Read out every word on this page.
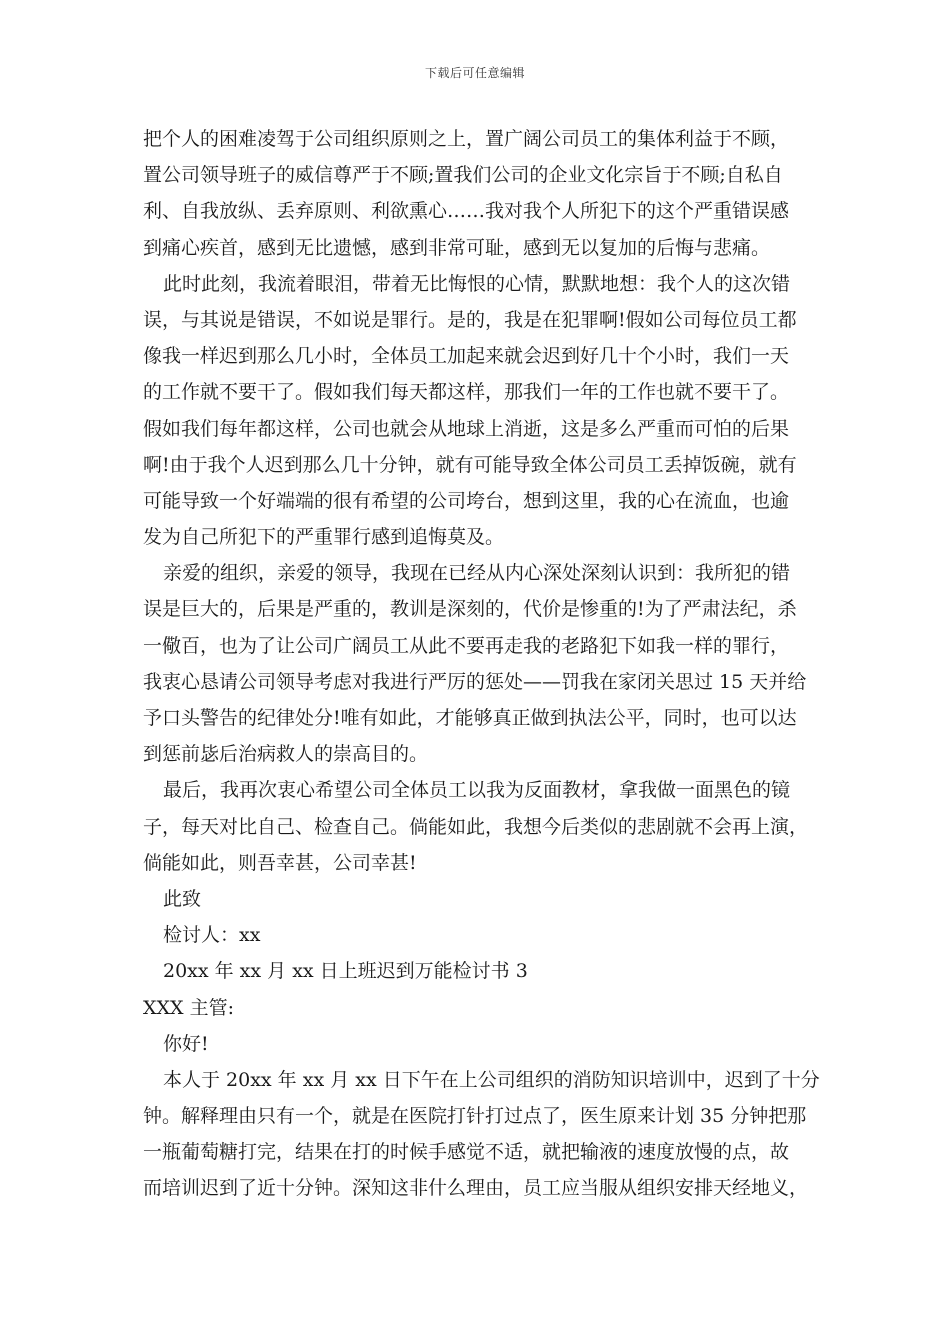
下载后可任意编辑
把个人的困难凌驾于公司组织原则之上，置广阔公司员工的集体利益于不顾，
置公司领导班子的威信尊严于不顾;置我们公司的企业文化宗旨于不顾;自私自
利、自我放纵、丢弃原则、利欲熏心……我对我个人所犯下的这个严重错误感
到痛心疾首，感到无比遗憾，感到非常可耻，感到无以复加的后悔与悲痛。
此时此刻，我流着眼泪，带着无比悔恨的心情，默默地想：我个人的这次错
误，与其说是错误，不如说是罪行。是的，我是在犯罪啊!假如公司每位员工都
像我一样迟到那么几小时，全体员工加起来就会迟到好几十个小时，我们一天
的工作就不要干了。假如我们每天都这样，那我们一年的工作也就不要干了。
假如我们每年都这样，公司也就会从地球上消逝，这是多么严重而可怕的后果
啊!由于我个人迟到那么几十分钟，就有可能导致全体公司员工丢掉饭碗，就有
可能导致一个好端端的很有希望的公司垮台，想到这里，我的心在流血，也逾
发为自己所犯下的严重罪行感到追悔莫及。
亲爱的组织，亲爱的领导，我现在已经从内心深处深刻认识到：我所犯的错
误是巨大的，后果是严重的，教训是深刻的，代价是惨重的!为了严肃法纪，杀
一儆百，也为了让公司广阔员工从此不要再走我的老路犯下如我一样的罪行，
我衷心恳请公司领导考虑对我进行严厉的惩处——罚我在家闭关思过 15 天并给
予口头警告的纪律处分!唯有如此，才能够真正做到执法公平，同时，也可以达
到惩前毖后治病救人的崇高目的。
最后，我再次衷心希望公司全体员工以我为反面教材，拿我做一面黑色的镜
子，每天对比自己、检查自己。倘能如此，我想今后类似的悲剧就不会再上演，
倘能如此，则吾幸甚，公司幸甚!
此致
检讨人：xx
20xx 年 xx 月 xx 日上班迟到万能检讨书 3
XXX 主管:
你好!
本人于 20xx 年 xx 月 xx 日下午在上公司组织的消防知识培训中，迟到了十分
钟。解释理由只有一个，就是在医院打针打过点了，医生原来计划 35 分钟把那
一瓶葡萄糖打完，结果在打的时候手感觉不适，就把输液的速度放慢的点，故
而培训迟到了近十分钟。深知这非什么理由，员工应当服从组织安排天经地义，
